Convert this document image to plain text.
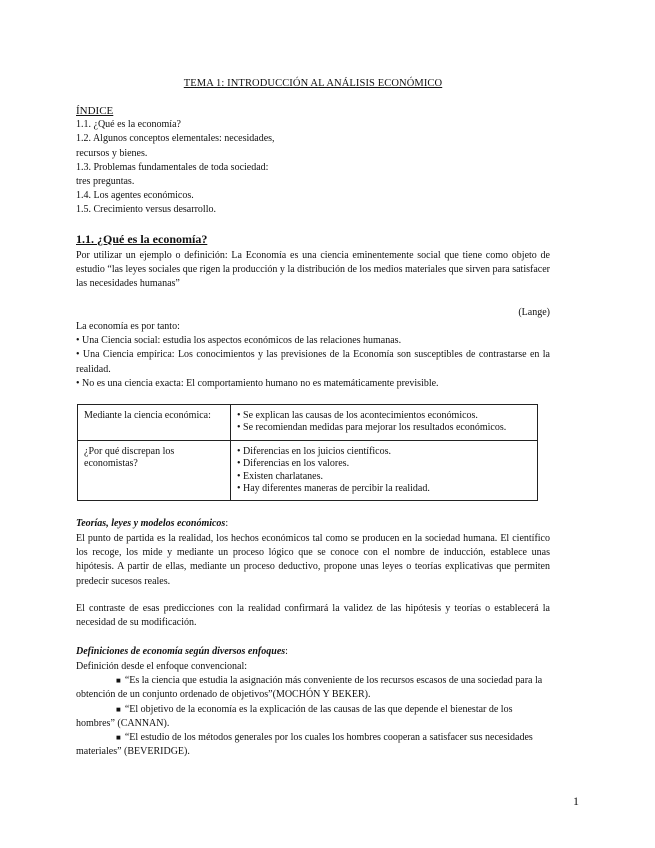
TEMA 1: INTRODUCCIÓN AL ANÁLISIS ECONÓMICO
ÍNDICE
1.1. ¿Qué es la economía?
1.2. Algunos conceptos elementales: necesidades,
recursos y bienes.
1.3. Problemas fundamentales de toda sociedad:
tres preguntas.
1.4. Los agentes económicos.
1.5. Crecimiento versus desarrollo.
1.1. ¿Qué es la economía?
Por utilizar un ejemplo o definición: La Economía es una ciencia eminentemente social que tiene como objeto de estudio “las leyes sociales que rigen la producción y la distribución de los medios materiales que sirven para satisfacer las necesidades humanas”
(Lange)
La economía es por tanto:
• Una Ciencia social: estudia los aspectos económicos de las relaciones humanas.
• Una Ciencia empírica: Los conocimientos y las previsiones de la Economía son susceptibles de contrastarse en la realidad.
• No es una ciencia exacta: El comportamiento humano no es matemáticamente previsible.
Mediante la ciencia económica:	• Se explican las causas de los acontecimientos económicos.
• Se recomiendan medidas para mejorar los resultados económicos.

¿Por qué discrepan los economistas?	• Diferencias en los juicios científicos.
• Diferencias en los valores.
• Existen charlatanes.
• Hay diferentes maneras de percibir la realidad.
Teorías, leyes y modelos económicos:
El punto de partida es la realidad, los hechos económicos tal como se producen en la sociedad humana. El científico los recoge, los mide y mediante un proceso lógico que se conoce con el nombre de inducción, establece unas hipótesis. A partir de ellas, mediante un proceso deductivo, propone unas leyes o teorías explicativas que permiten predecir sucesos reales.
El contraste de esas predicciones con la realidad confirmará la validez de las hipótesis y teorías o establecerá la necesidad de su modificación.
Definiciones de economía según diversos enfoques:
Definición desde el enfoque convencional:
■ “Es la ciencia que estudia la asignación más conveniente de los recursos escasos de una sociedad para la obtención de un conjunto ordenado de objetivos”(MOCHÓN Y BEKER).
■ “El objetivo de la economía es la explicación de las causas de las que depende el bienestar de los hombres” (CANNAN).
■ “El estudio de los métodos generales por los cuales los hombres cooperan a satisfacer sus necesidades materiales” (BEVERIDGE).
1
